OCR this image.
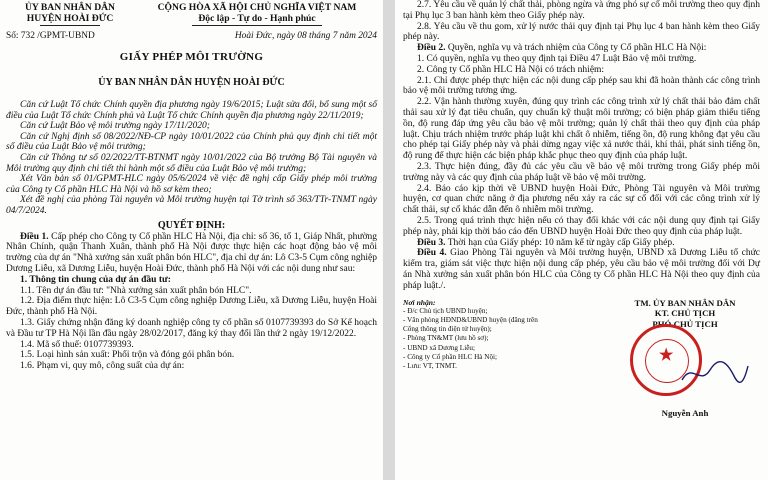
ỦY BAN NHÂN DÂN
HUYỆN HOÀI ĐỨC
CỘNG HÒA XÃ HỘI CHỦ NGHĨA VIỆT NAM
Độc lập - Tự do - Hạnh phúc
Số: 732 /GPMT-UBND	Hoài Đức, ngày 08 tháng 7 năm 2024
GIẤY PHÉP MÔI TRƯỜNG
ỦY BAN NHÂN DÂN HUYỆN HOÀI ĐỨC

Căn cứ Luật Tổ chức Chính quyền địa phương ngày 19/6/2015; Luật sửa đổi, bổ sung một số điều của Luật Tổ chức Chính phủ và Luật Tổ chức Chính quyền địa phương ngày 22/11/2019;

Căn cứ Luật Bảo vệ môi trường ngày 17/11/2020;

Căn cứ Nghị định số 08/2022/NĐ-CP ngày 10/01/2022 của Chính phủ quy định chi tiết một số điều của Luật Bảo vệ môi trường;

Căn cứ Thông tư số 02/2022/TT-BTNMT ngày 10/01/2022 của Bộ trưởng Bộ Tài nguyên và Môi trường quy định chi tiết thi hành một số điều của Luật Bảo vệ môi trường;

Xét Văn bản số 01/GPMT-HLC ngày 05/6/2024 về việc đề nghị cấp Giấy phép môi trường của Công ty Cổ phần HLC Hà Nội và hồ sơ kèm theo;

Xét đề nghị của phòng Tài nguyên và Môi trường huyện tại Tờ trình số 363/TTr-TNMT ngày 04/7/2024.

QUYẾT ĐỊNH:

Điều 1. Cấp phép cho Công ty Cổ phần HLC Hà Nội, địa chỉ: số 36, tổ 1, Giáp Nhất, phường Nhân Chính, quận Thanh Xuân, thành phố Hà Nội được thực hiện các hoạt động bảo vệ môi trường của dự án "Nhà xưởng sản xuất phân bón HLC", địa chỉ dự án: Lô C3-5 Cụm công nghiệp Dương Liễu, xã Dương Liễu, huyện Hoài Đức, thành phố Hà Nội với các nội dung như sau:

1. Thông tin chung của dự án đầu tư:

1.1. Tên dự án đầu tư: "Nhà xưởng sản xuất phân bón HLC".

1.2. Địa điểm thực hiện: Lô C3-5 Cụm công nghiệp Dương Liễu, xã Dương Liễu, huyện Hoài Đức, thành phố Hà Nội.

1.3. Giấy chứng nhận đăng ký doanh nghiệp công ty cổ phần số 0107739393 do Sở Kế hoạch và Đầu tư TP Hà Nội lần đầu ngày 28/02/2017, đăng ký thay đổi lần thứ 2 ngày 19/12/2022.

1.4. Mã số thuế: 0107739393.

1.5. Loại hình sản xuất: Phối trộn và đóng gói phân bón.

1.6. Phạm vi, quy mô, công suất của dự án:

2.7. Yêu cầu về quản lý chất thải, phòng ngừa và ứng phó sự cố môi trường theo quy định tại Phụ lục 3 ban hành kèm theo Giấy phép này.

2.8. Yêu cầu về thu gom, xử lý nước thải quy định tại Phụ lục 4 ban hành kèm theo Giấy phép này.

Điều 2. Quyền, nghĩa vụ và trách nhiệm của Công ty Cổ phần HLC Hà Nội:

1. Có quyền, nghĩa vụ theo quy định tại Điều 47 Luật Bảo vệ môi trường.

2. Công ty Cổ phần HLC Hà Nội có trách nhiệm:

2.1. Chỉ được phép thực hiện các nội dung cấp phép sau khi đã hoàn thành các công trình bảo vệ môi trường tương ứng.

2.2. Vận hành thường xuyên, đúng quy trình các công trình xử lý chất thải bảo đảm chất thải sau xử lý đạt tiêu chuẩn, quy chuẩn kỹ thuật môi trường; có biện pháp giảm thiểu tiếng ồn, độ rung đáp ứng yêu cầu bảo vệ môi trường; quản lý chất thải theo quy định của pháp luật. Chịu trách nhiệm trước pháp luật khi chất ô nhiễm, tiếng ồn, độ rung không đạt yêu cầu cho phép tại Giấy phép này và phải dừng ngay việc xả nước thải, khí thải, phát sinh tiếng ồn, độ rung để thực hiện các biện pháp khắc phục theo quy định của pháp luật.

2.3. Thực hiện đúng, đầy đủ các yêu cầu về bảo vệ môi trường trong Giấy phép môi trường này và các quy định của pháp luật về bảo vệ môi trường.

2.4. Báo cáo kịp thời về UBND huyện Hoài Đức, Phòng Tài nguyên và Môi trường huyện, cơ quan chức năng ở địa phương nếu xảy ra các sự cố đối với các công trình xử lý chất thải, sự cố khác dẫn đến ô nhiễm môi trường.

2.5. Trong quá trình thực hiện nếu có thay đổi khác với các nội dung quy định tại Giấy phép này, phải kịp thời báo cáo đến UBND huyện Hoài Đức theo quy định của pháp luật.

Điều 3. Thời hạn của Giấy phép: 10 năm kể từ ngày cấp Giấy phép.

Điều 4. Giao Phòng Tài nguyên và Môi trường huyện, UBND xã Dương Liễu tổ chức kiểm tra, giám sát việc thực hiện nội dung cấp phép, yêu cầu bảo vệ môi trường đối với Dự án Nhà xưởng sản xuất phân bón HLC của Công ty Cổ phần HLC Hà Nội theo quy định của pháp luật./.

Nơi nhận:
- Đ/c Chủ tịch UBND huyện;
- Văn phòng HĐND&UBND huyện (đăng trên
Cổng thông tin điện tử huyện);
- Phòng TN&MT (lưu hồ sơ);
- UBND xã Dương Liễu;
- Công ty Cổ phần HLC Hà Nội;
- Lưu: VT, TNMT.
TM. ỦY BAN NHÂN DÂN
KT. CHỦ TỊCH
PHÓ CHỦ TỊCH
★
Nguyễn Anh
